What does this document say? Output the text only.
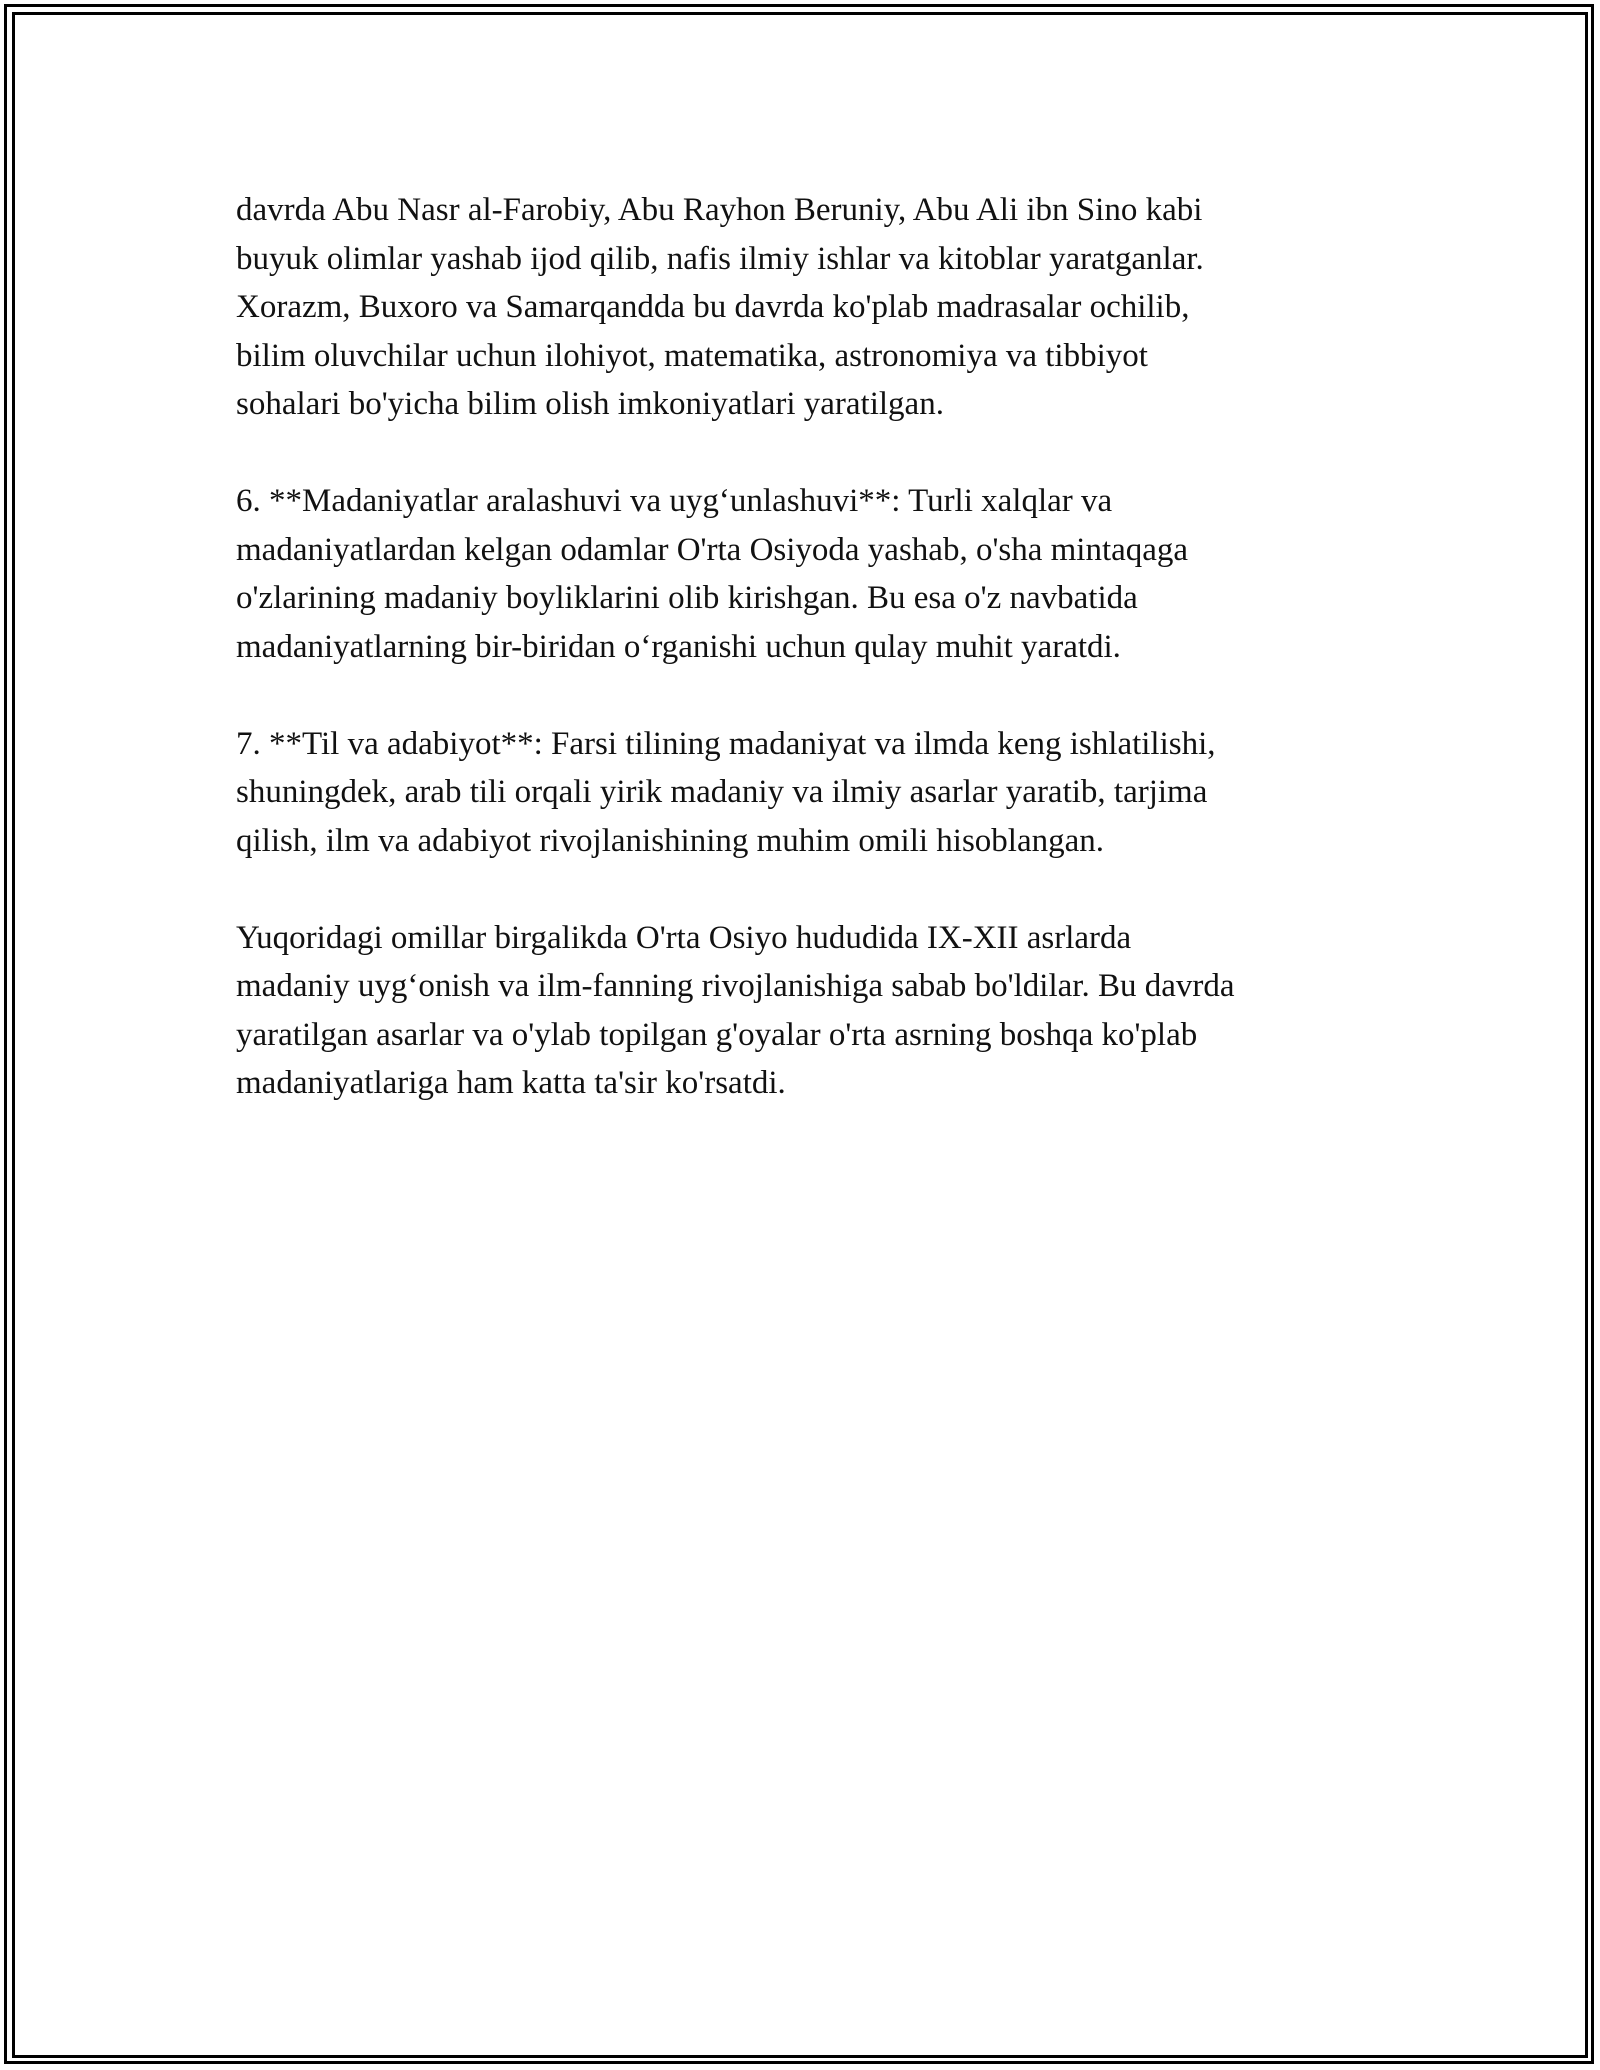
davrda Abu Nasr al-Farobiy, Abu Rayhon Beruniy, Abu Ali ibn Sino kabi
buyuk olimlar yashab ijod qilib, nafis ilmiy ishlar va kitoblar yaratganlar.
Xorazm, Buxoro va Samarqandda bu davrda ko'plab madrasalar ochilib,
bilim oluvchilar uchun ilohiyot, matematika, astronomiya va tibbiyot
sohalari bo'yicha bilim olish imkoniyatlari yaratilgan.
6. **Madaniyatlar aralashuvi va uygʻunlashuvi**: Turli xalqlar va
madaniyatlardan kelgan odamlar O'rta Osiyoda yashab, o'sha mintaqaga
o'zlarining madaniy boyliklarini olib kirishgan. Bu esa o'z navbatida
madaniyatlarning bir-biridan oʻrganishi uchun qulay muhit yaratdi.
7. **Til va adabiyot**: Farsi tilining madaniyat va ilmda keng ishlatilishi,
shuningdek, arab tili orqali yirik madaniy va ilmiy asarlar yaratib, tarjima
qilish, ilm va adabiyot rivojlanishining muhim omili hisoblangan.
Yuqoridagi omillar birgalikda O'rta Osiyo hududida IX-XII asrlarda
madaniy uygʻonish va ilm-fanning rivojlanishiga sabab bo'ldilar. Bu davrda
yaratilgan asarlar va o'ylab topilgan g'oyalar o'rta asrning boshqa ko'plab
madaniyatlariga ham katta ta'sir ko'rsatdi.
